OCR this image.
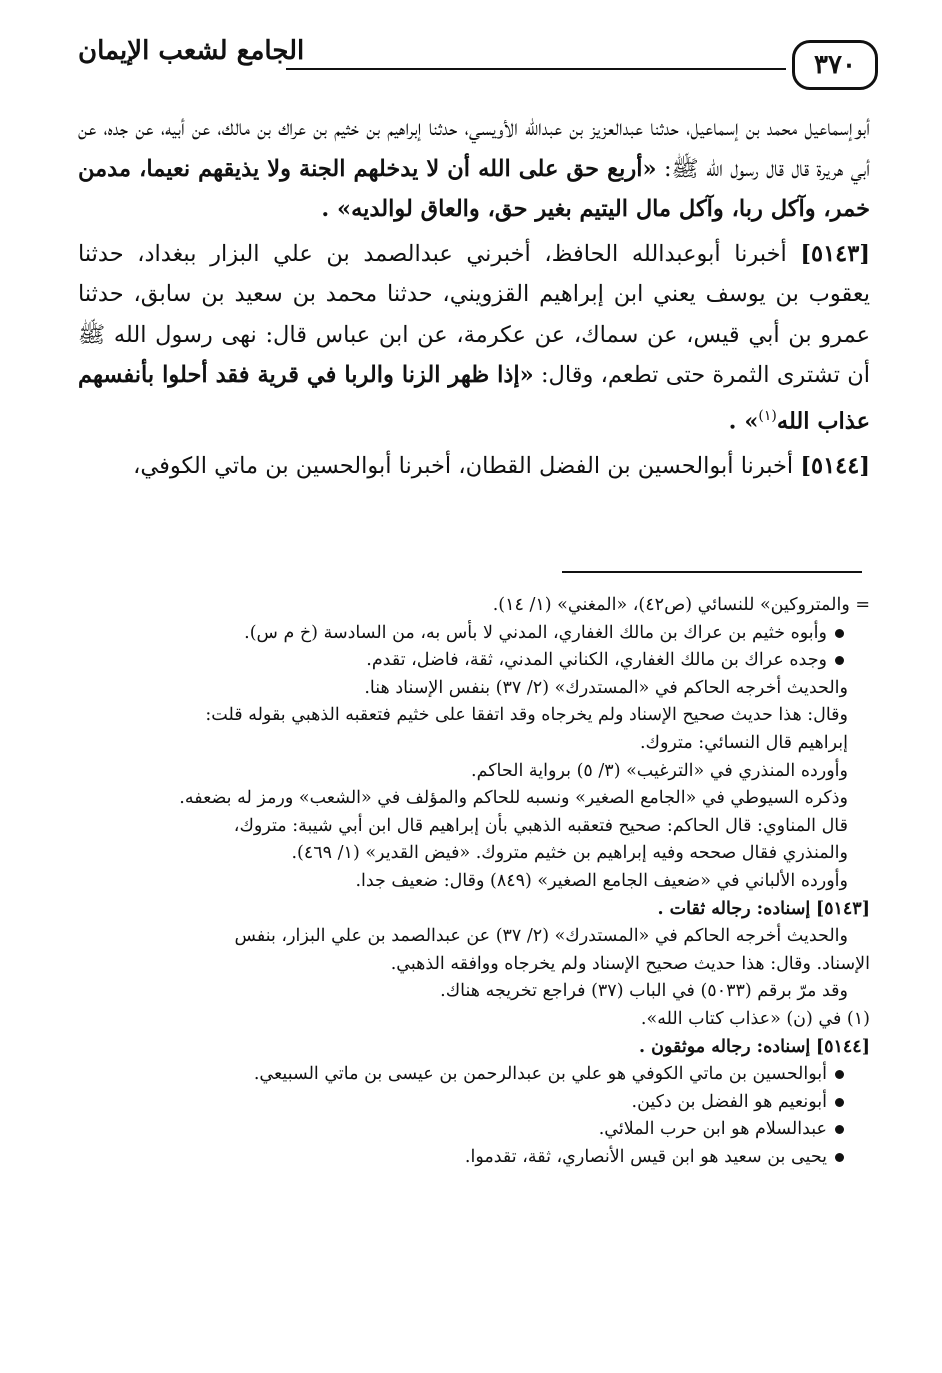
الجامع لشعب الإيمان	٣٧٠

أبوإسماعيل محمد بن إسماعيل، حدثنا عبدالعزيز بن عبدالله الأويسي، حدثنا إبراهيم بن خثيم بن عراك بن مالك، عن أبيه، عن جده، عن أبي هريرة قال قال رسول الله ﷺ: «أربع حق على الله أن لا يدخلهم الجنة ولا يذيقهم نعيما، مدمن خمر، وآكل ربا، وآكل مال اليتيم بغير حق، والعاق لوالديه» .

[٥١٤٣] أخبرنا أبوعبدالله الحافظ، أخبرني عبدالصمد بن علي البزار ببغداد، حدثنا يعقوب بن يوسف يعني ابن إبراهيم القزويني، حدثنا محمد بن سعيد بن سابق، حدثنا عمرو بن أبي قيس، عن سماك، عن عكرمة، عن ابن عباس قال: نهى رسول الله ﷺ أن تشترى الثمرة حتى تطعم، وقال: «إذا ظهر الزنا والربا في قرية فقد أحلوا بأنفسهم عذاب الله$^{(١)}$» .

[٥١٤٤] أخبرنا أبوالحسين بن الفضل القطان، أخبرنا أبوالحسين بن ماتي الكوفي،

= والمتروكين» للنسائي (ص٤٢)، «المغني» (١/ ١٤).
وأبوه خثيم بن عراك بن مالك الغفاري، المدني لا بأس به، من السادسة (خ م س).
وجده عراك بن مالك الغفاري، الكناني المدني، ثقة، فاضل، تقدم.
والحديث أخرجه الحاكم في «المستدرك» (٢/ ٣٧) بنفس الإسناد هنا.
وقال: هذا حديث صحيح الإسناد ولم يخرجاه وقد اتفقا على خثيم فتعقبه الذهبي بقوله قلت:
إبراهيم قال النسائي: متروك.
وأورده المنذري في «الترغيب» (٣/ ٥) برواية الحاكم.
وذكره السيوطي في «الجامع الصغير» ونسبه للحاكم والمؤلف في «الشعب» ورمز له بضعفه.
قال المناوي: قال الحاكم: صحيح فتعقبه الذهبي بأن إبراهيم قال ابن أبي شيبة: متروك،
والمنذري فقال صححه وفيه إبراهيم بن خثيم متروك. «فيض القدير» (١/ ٤٦٩).
وأورده الألباني في «ضعيف الجامع الصغير» (٨٤٩) وقال: ضعيف جدا.
[٥١٤٣] إسناده: رجاله ثقات .
والحديث أخرجه الحاكم في «المستدرك» (٢/ ٣٧) عن عبدالصمد بن علي البزار، بنفس
الإسناد. وقال: هذا حديث صحيح الإسناد ولم يخرجاه ووافقه الذهبي.
وقد مرّ برقم (٥٠٣٣) في الباب (٣٧) فراجع تخريجه هناك.
(١) في (ن) «عذاب كتاب الله».
[٥١٤٤] إسناده: رجاله موثقون .
أبوالحسين بن ماتي الكوفي هو علي بن عبدالرحمن بن عيسى بن ماتي السبيعي.
أبونعيم هو الفضل بن دكين.
عبدالسلام هو ابن حرب الملائي.
يحيى بن سعيد هو ابن قيس الأنصاري، ثقة، تقدموا.
